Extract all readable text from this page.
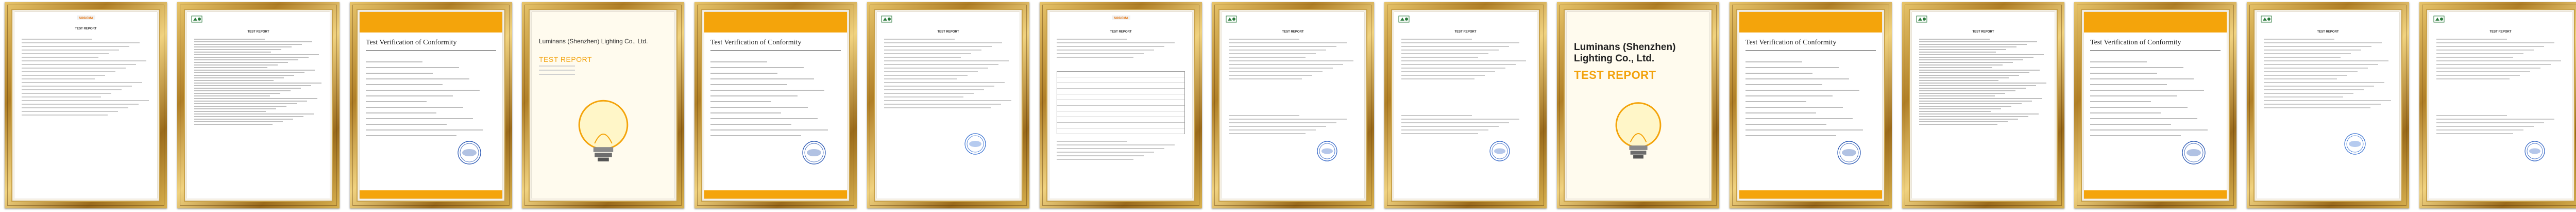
SGS/CMA
TEST REPORT
TEST REPORT
Test Verification of Conformity	Luminans (Shenzhen) Lighting Co., Ltd.
TEST REPORT
Test Verification of Conformity
TEST REPORT
SGS/CMA
TEST REPORT	TEST REPORT	TEST REPORT
Luminans (Shenzhen) Lighting Co., Ltd.
TEST REPORT
Test Verification of Conformity
TEST REPORT
Test Verification of Conformity
TEST REPORT	TEST REPORT
